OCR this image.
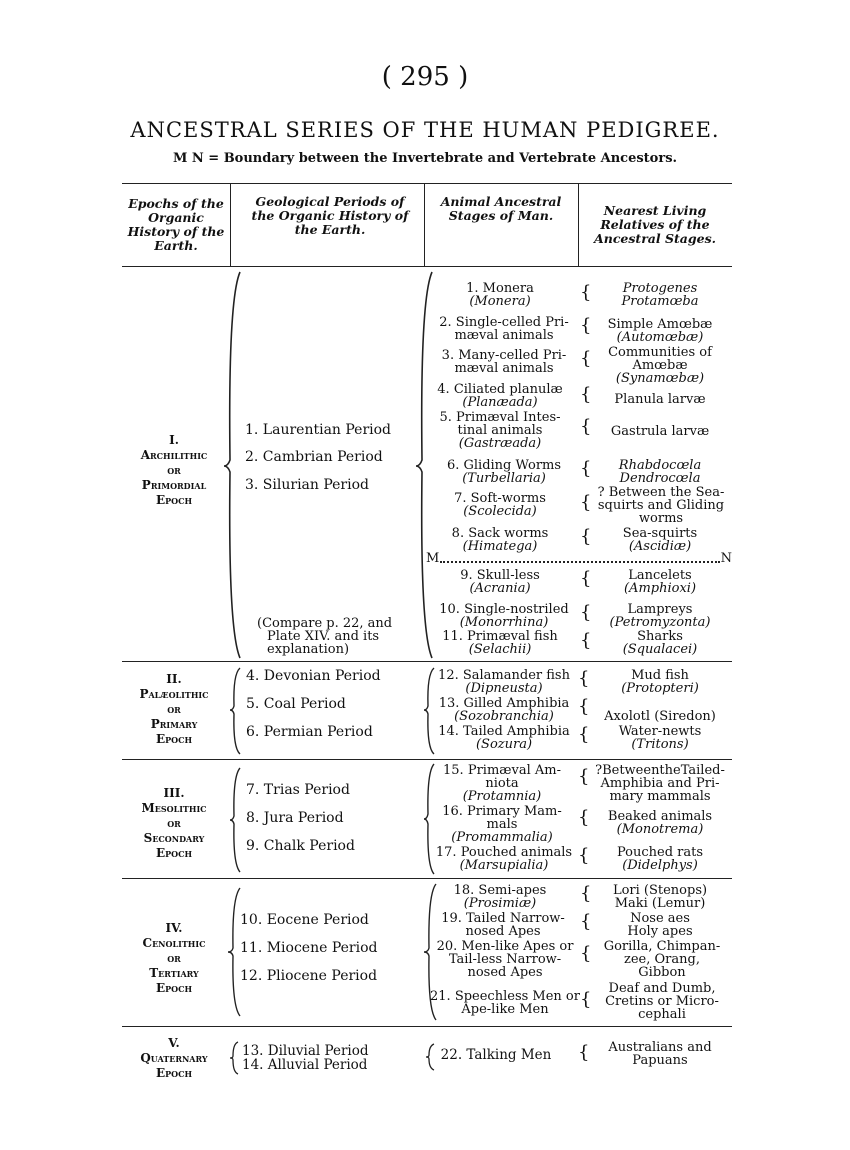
( 295 )
ANCESTRAL SERIES OF THE HUMAN PEDIGREE.
M N = Boundary between the Invertebrate and Vertebrate Ancestors.
Epochs of the Organic History of the Earth.
Geological Periods of the Organic History of the Earth.
Animal Ancestral Stages of Man.	Nearest Living Relatives of the Ancestral Stages.
I.
Archilithic
or
Primordial
Epoch
II.
Palæolithic
or
Primary
Epoch
III.
Mesolithic
or
Secondary
Epoch
IV.
Cenolithic
or
Tertiary
Epoch
V.
Quaternary
Epoch
1. Laurentian Period
2. Cambrian Period
3. Silurian Period
(Compare p. 22, and
Plate XIV. and its
explanation)
4. Devonian Period
5. Coal Period
6. Permian Period
7. Trias Period
8. Jura Period
9. Chalk Period
10. Eocene Period
11. Miocene Period
12. Pliocene Period
13. Diluvial Period
14. Alluvial Period
1. Monera
(Monera)
2. Single-celled Pri-
mæval animals
3. Many-celled Pri-
mæval animals
4. Ciliated planulæ
(Planæada)
5. Primæval Intes-
tinal animals
(Gastræada)
6. Gliding Worms
(Turbellaria)
7. Soft-worms
(Scolecida)
8. Sack worms
(Himatega)
9. Skull-less
(Acrania)
10. Single-nostriled
(Monorrhina)
11. Primæval fish
(Selachii)
12. Salamander fish
(Dipneusta)
13. Gilled Amphibia
(Sozobranchia)
14. Tailed Amphibia
(Sozura)
15. Primæval Am-
niota
(Protamnia)
16. Primary Mam-
mals
(Promammalia)
17. Pouched animals
(Marsupialia)
18. Semi-apes
(Prosimiæ)
19. Tailed Narrow-
nosed Apes
20. Men-like Apes or
Tail-less Narrow-
nosed Apes
21. Speechless Men or
Ape-like Men
22. Talking Men
M	N
{
{
{
{
{
{
{
{
{
{
{
{
{
{
{
{
{
{
{
{
{
{
Protogenes
Protamœba
Simple Amœbæ
(Automœbæ)
Communities of
Amœbæ
(Synamœbæ)
Planula larvæ
Gastrula larvæ
Rhabdocœla
Dendrocœla
? Between the Sea-
squirts and Gliding
worms
Sea-squirts
(Ascidiæ)
Lancelets
(Amphioxi)
Lampreys
(Petromyzonta)
Sharks
(Squalacei)
Mud fish
(Protopteri)
Axolotl (Siredon)
Water-newts
(Tritons)
?BetweentheTailed-
Amphibia and Pri-
mary mammals
Beaked animals
(Monotrema)
Pouched rats
(Didelphys)
Lori (Stenops)
Maki (Lemur)
Nose aes
Holy apes
Gorilla, Chimpan-
zee, Orang,
Gibbon
Deaf and Dumb,
Cretins or Micro-
cephali
Australians and
Papuans
